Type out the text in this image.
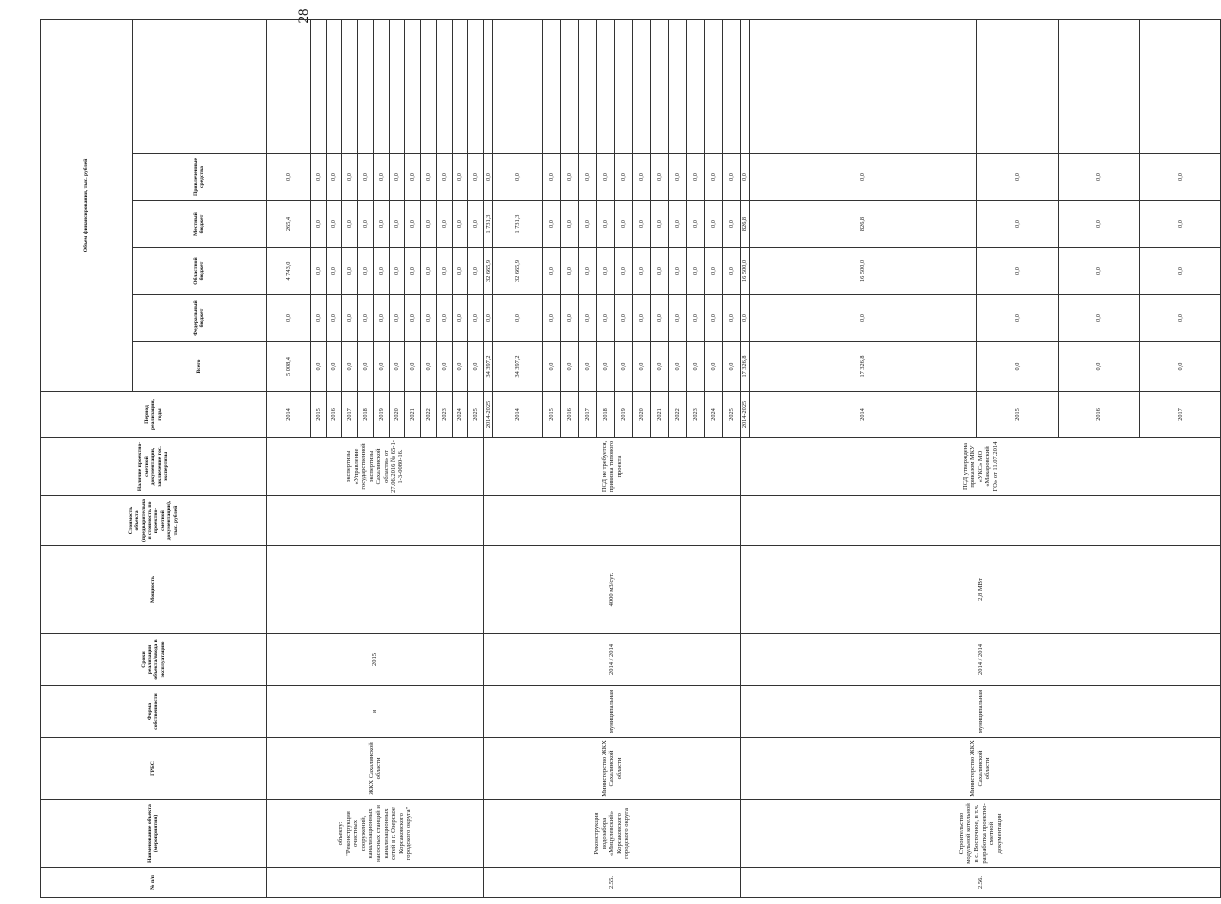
28
№ п/п	Наименование объекта (мероприятия)	ГРБС	Форма собственности	Сроки реализации объекта/ввода в эксплуатацию	Мощность	Стоимость объекта (предварительная стоимость по проектно-сметной документации), тыс. рублей	Наличие проектно-сметной документации, заключение гос. экспертизы	Период реализации, годы	Объем финансирования, тыс. рублей	
									Всего	Федеральный бюджет	Областной бюджет	Местный бюджет	Привлеченные средства		
	объекту: "Реконструкция очистных сооружений, канализационных насосных станций и канализационных сетей в г. Озерское Корсаковского городского округа"	ЖКХ Сахалинской области	я	2015			экспертизы «Управление государственной экспертизы Сахалинской области» от 27.06.2016 № 65-1-1-3-0080-16.	2014	5 008,4	0,0	4 743,0	265,4	0,0		
								2015	0,0	0,0	0,0	0,0	0,0		
								2016	0,0	0,0	0,0	0,0	0,0		
								2017	0,0	0,0	0,0	0,0	0,0		
								2018	0,0	0,0	0,0	0,0	0,0		
								2019	0,0	0,0	0,0	0,0	0,0		
								2020	0,0	0,0	0,0	0,0	0,0		
								2021	0,0	0,0	0,0	0,0	0,0		
								2022	0,0	0,0	0,0	0,0	0,0		
								2023	0,0	0,0	0,0	0,0	0,0		
								2024	0,0	0,0	0,0	0,0	0,0		
								2025	0,0	0,0	0,0	0,0	0,0		
2.55.	Реконструкция водозабора «Мицулевский» Корсаковского городского округа	Министерство ЖКХ Сахалинской области	муниципальная	2014 / 2014	4000 м3/сут.		ПСД не требуется, привязка типового проекта	2014-2025	34 397,2	0,0	32 665,9	1 731,3	0,0		
								2014	34 397,2	0,0	32 665,9	1 731,3	0,0		
								2015	0,0	0,0	0,0	0,0	0,0		
								2016	0,0	0,0	0,0	0,0	0,0		
								2017	0,0	0,0	0,0	0,0	0,0		
								2018	0,0	0,0	0,0	0,0	0,0		
								2019	0,0	0,0	0,0	0,0	0,0		
								2020	0,0	0,0	0,0	0,0	0,0		
								2021	0,0	0,0	0,0	0,0	0,0		
								2022	0,0	0,0	0,0	0,0	0,0		
								2023	0,0	0,0	0,0	0,0	0,0		
								2024	0,0	0,0	0,0	0,0	0,0		
								2025	0,0	0,0	0,0	0,0	0,0		
2.56.	Строительство модульной котельной в с. Восточное, в т.ч. разработка проектно-сметной документации	Министерство ЖКХ Сахалинской области	муниципальная	2014 / 2014	2,8 МВт		ПСД утверждена приказом МКУ «УКС» МО «Макаровский ГО» от 11.07.2014	2014-2025	17 326,8	0,0	16 500,0	826,8	0,0		
								2014	17 326,8	0,0	16 500,0	826,8	0,0		
								2015	0,0	0,0	0,0	0,0	0,0		
								2016	0,0	0,0	0,0	0,0	0,0		
								2017	0,0	0,0	0,0	0,0	0,0		
